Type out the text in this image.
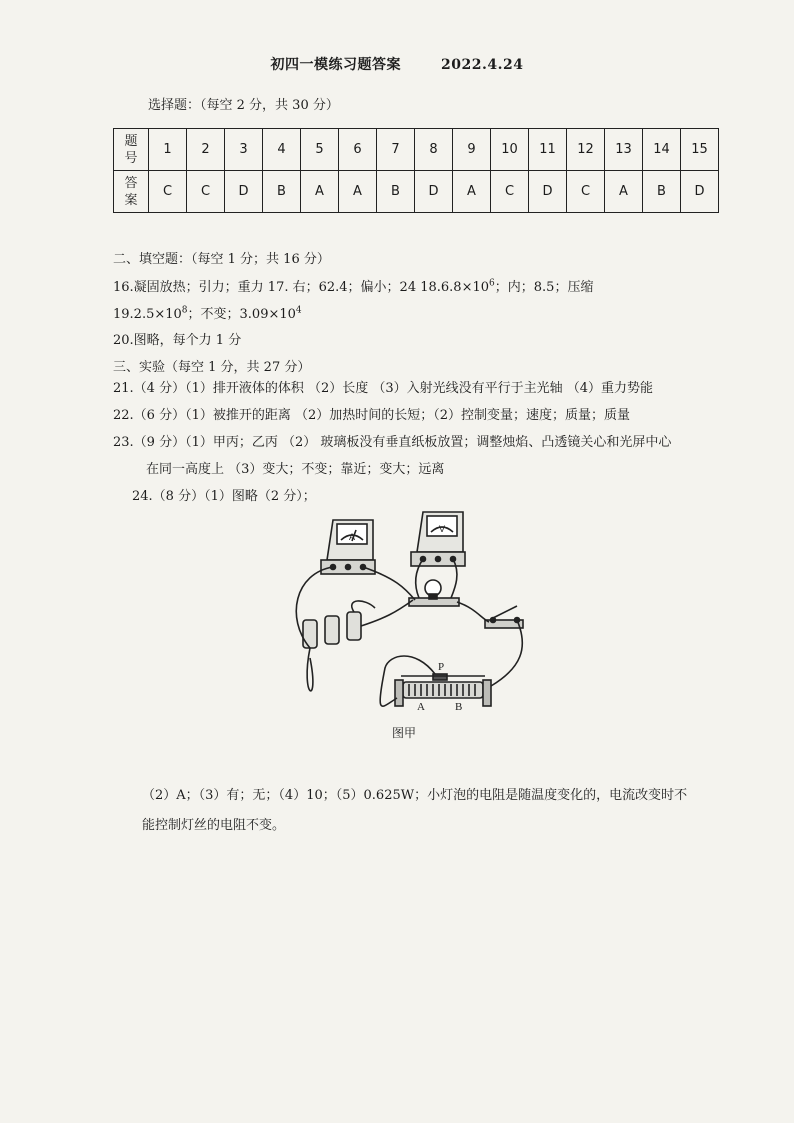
初四一模练习题答案	2022.4.24
选择题：（每空 2 分，共 30 分）
题号	1	2	3	4	5	6	7	8	9	10	11	12	13	14	15
答案	C	C	D	B	A	A	B	D	A	C	D	C	A	B	D
二、填空题：（每空 1 分；共 16 分）
16.凝固放热；引力；重力 17. 右；62.4；偏小；24 $18.6.8\times 10^6$；内；8.5；压缩
$19.2.5\times 10^8$；不变；$3.09\times 10^4$
20.图略，每个力 1 分
三、实验（每空 1 分，共 27 分）
21.（4 分）（1）排开液体的体积 （2）长度 （3）入射光线没有平行于主光轴 （4）重力势能
22.（6 分）（1）被推开的距离 （2）加热时间的长短；（2）控制变量；速度；质量；质量
23.（9 分）（1）甲丙；乙丙 （2） 玻璃板没有垂直纸板放置；调整烛焰、凸透镜关心和光屏中心
在同一高度上 （3）变大；不变；靠近；变大；远离
24.（8 分）（1）图略（2 分）；
A
V
P
A	B
图甲
（2）A；（3）有；无；（4）10；（5）0.625W；小灯泡的电阻是随温度变化的，电流改变时不
能控制灯丝的电阻不变。
